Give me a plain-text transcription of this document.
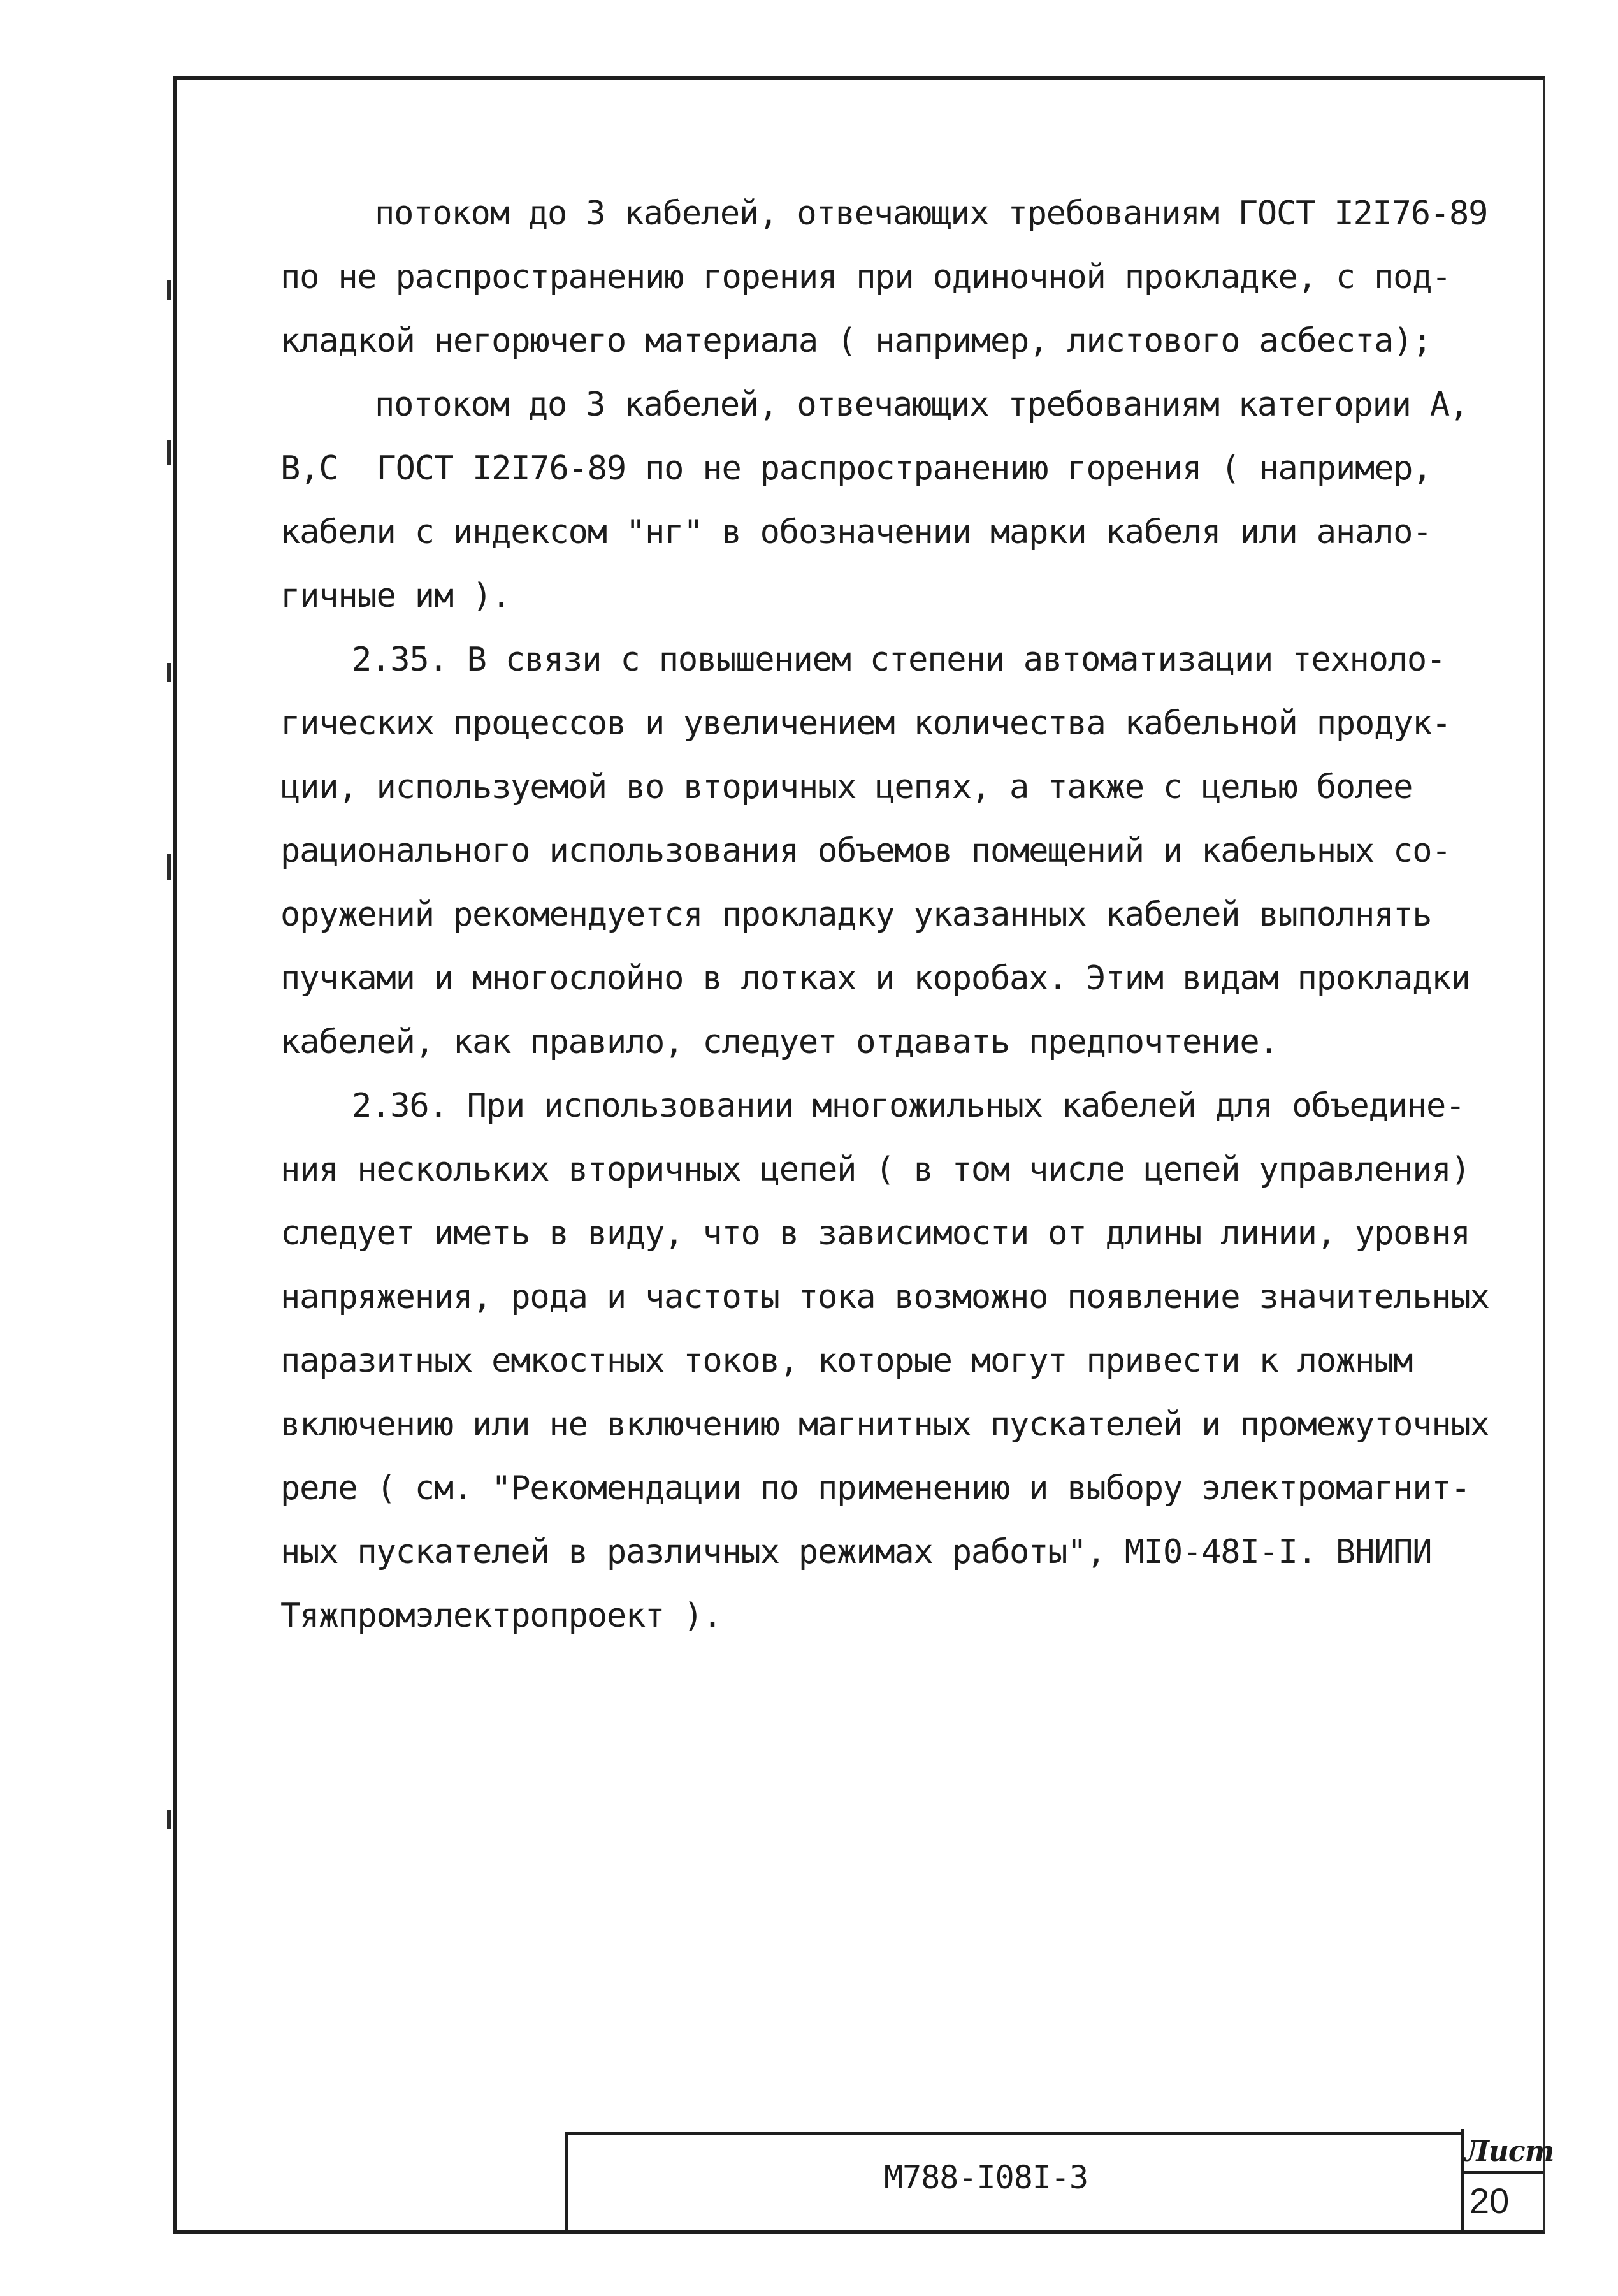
потоком до 3 кабелей, отвечающих требованиям ГОСТ I2I76-89
по не распространению горения при одиночной прокладке, с под-
кладкой негорючего материала ( например, листового асбеста);
потоком до 3 кабелей, отвечающих требованиям категории А,
В,С  ГОСТ I2I76-89 по не распространению горения ( например,
кабели с индексом "нг" в обозначении марки кабеля или анало-
гичные им ).
2.35. В связи с повышением степени автоматизации техноло-
гических процессов и увеличением количества кабельной продук-
ции, используемой во вторичных цепях, а также с целью более
рационального использования объемов помещений и кабельных со-
оружений рекомендуется прокладку указанных кабелей выполнять
пучками и многослойно в лотках и коробах. Этим видам прокладки
кабелей, как правило, следует отдавать предпочтение.
2.36. При использовании многожильных кабелей для объедине-
ния нескольких вторичных цепей ( в том числе цепей управления)
следует иметь в виду, что в зависимости от длины линии, уровня
напряжения, рода и частоты тока возможно появление значительных
паразитных емкостных токов, которые могут привести к ложным
включению или не включению магнитных пускателей и промежуточных
реле ( см. "Рекомендации по применению и выбору электромагнит-
ных пускателей в различных режимах работы", МI0-48I-I. ВНИПИ
Тяжпромэлектропроект ).
М788-I08I-3
Лист
20
